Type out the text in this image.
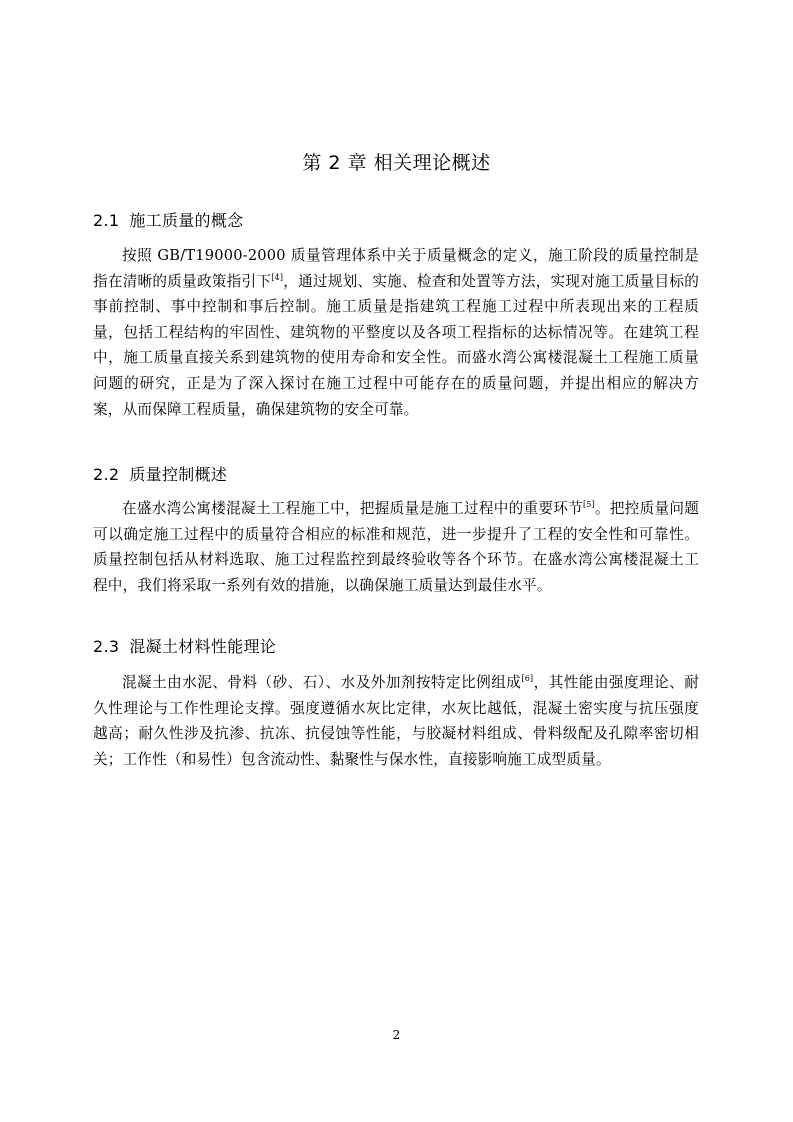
第 2 章 相关理论概述
2.1 施工质量的概念

按照 GB/T19000-2000 质量管理体系中关于质量概念的定义，施工阶段的质量控制是指在清晰的质量政策指引下[4]，通过规划、实施、检查和处置等方法，实现对施工质量目标的事前控制、事中控制和事后控制。施工质量是指建筑工程施工过程中所表现出来的工程质量，包括工程结构的牢固性、建筑物的平整度以及各项工程指标的达标情况等。在建筑工程中，施工质量直接关系到建筑物的使用寿命和安全性。而盛水湾公寓楼混凝土工程施工质量问题的研究，正是为了深入探讨在施工过程中可能存在的质量问题，并提出相应的解决方案，从而保障工程质量，确保建筑物的安全可靠。

2.2 质量控制概述

在盛水湾公寓楼混凝土工程施工中，把握质量是施工过程中的重要环节[5]。把控质量问题可以确定施工过程中的质量符合相应的标准和规范，进一步提升了工程的安全性和可靠性。质量控制包括从材料选取、施工过程监控到最终验收等各个环节。在盛水湾公寓楼混凝土工程中，我们将采取一系列有效的措施，以确保施工质量达到最佳水平。

2.3 混凝土材料性能理论

混凝土由水泥、骨料（砂、石）、水及外加剂按特定比例组成[6]，其性能由强度理论、耐久性理论与工作性理论支撑。强度遵循水灰比定律，水灰比越低，混凝土密实度与抗压强度越高；耐久性涉及抗渗、抗冻、抗侵蚀等性能，与胶凝材料组成、骨料级配及孔隙率密切相关；工作性（和易性）包含流动性、黏聚性与保水性，直接影响施工成型质量。

2
